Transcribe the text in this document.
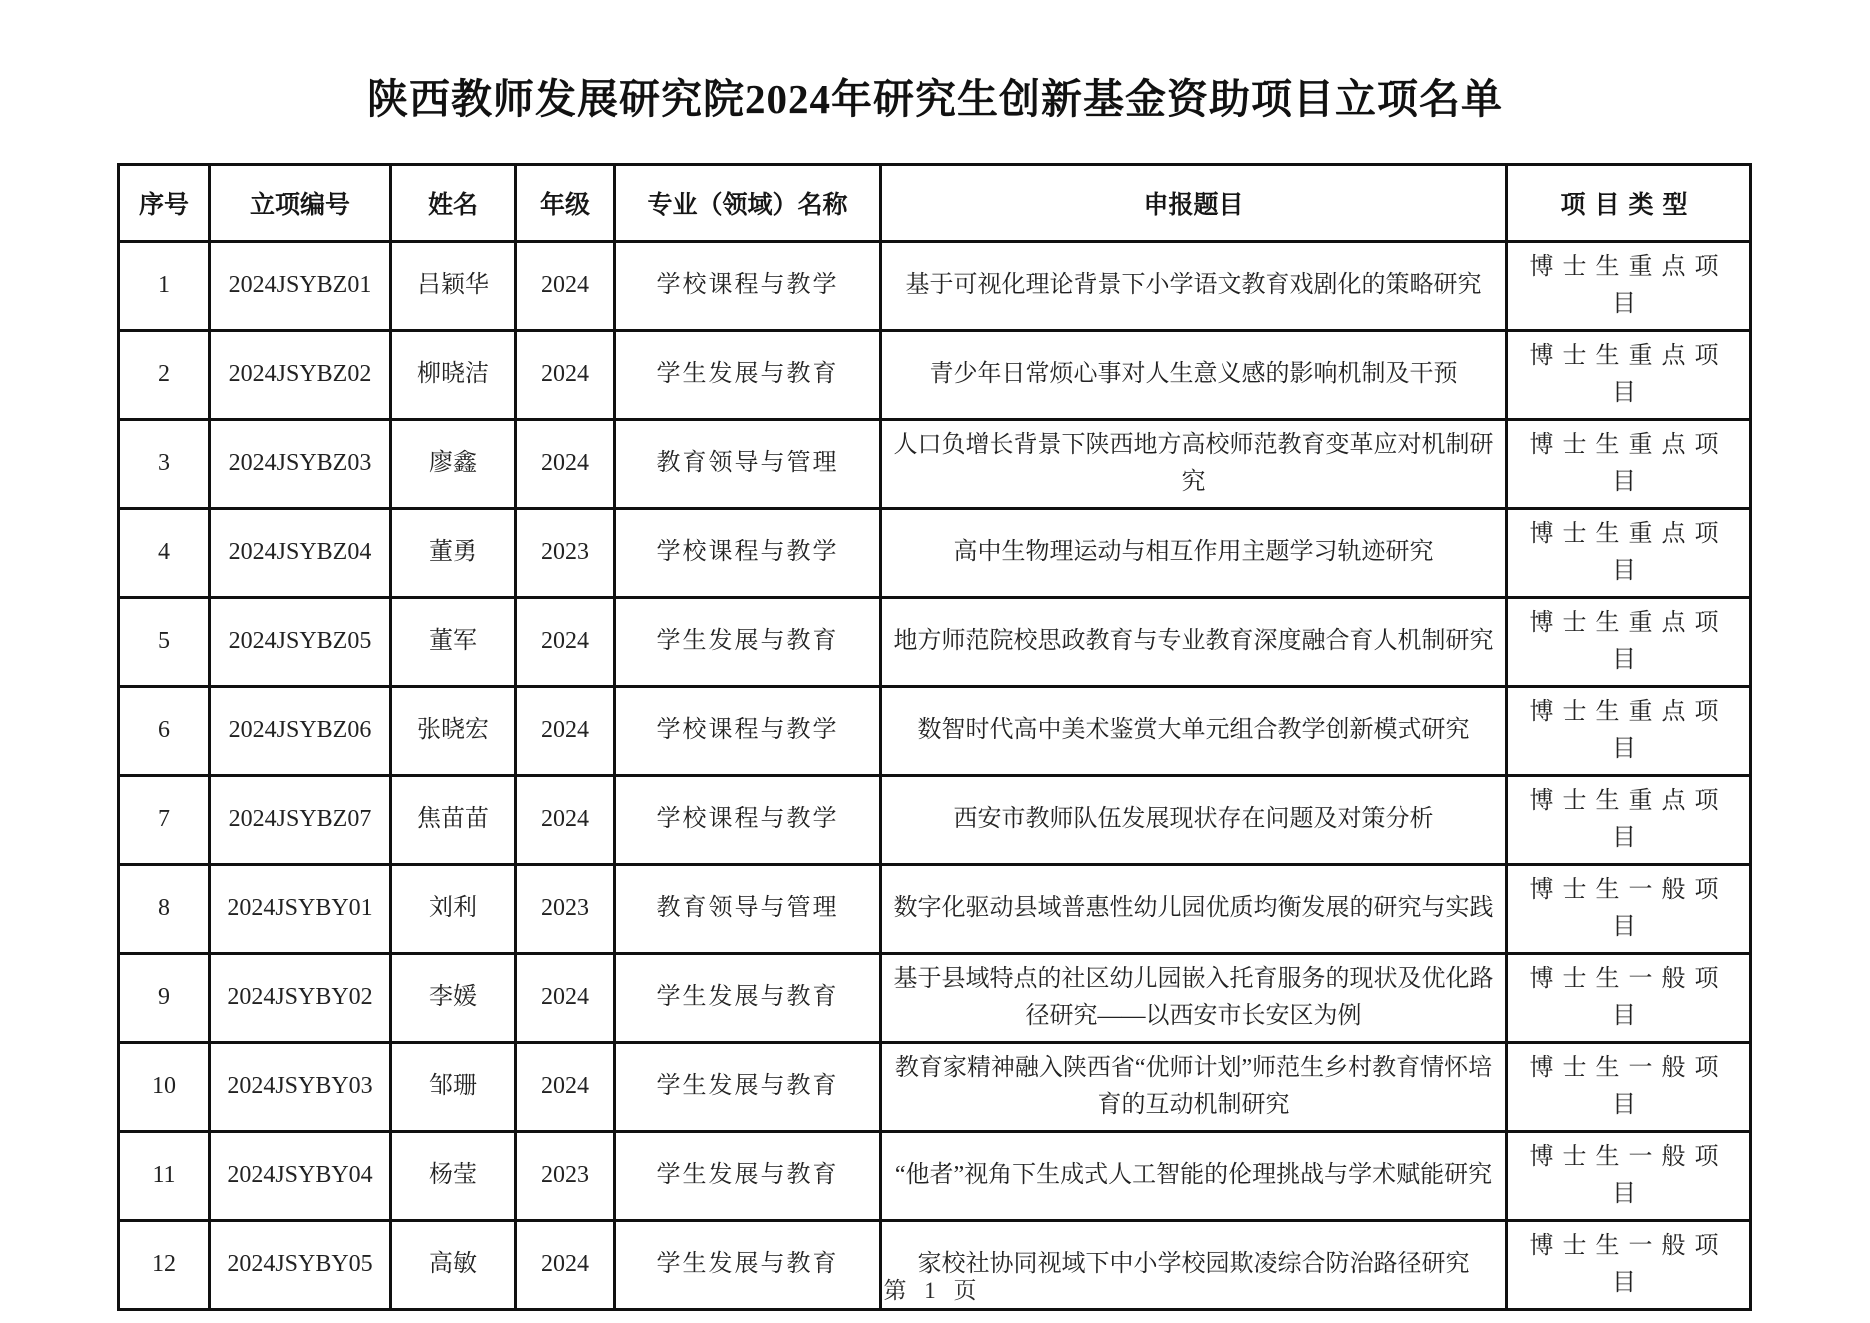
陕西教师发展研究院2024年研究生创新基金资助项目立项名单
序号	立项编号	姓名	年级	专业（领域）名称	申报题目	项目类型
1	2024JSYBZ01	吕颖华	2024	学校课程与教学	基于可视化理论背景下小学语文教育戏剧化的策略研究	博士生重点项目
2	2024JSYBZ02	柳晓洁	2024	学生发展与教育	青少年日常烦心事对人生意义感的影响机制及干预	博士生重点项目
3	2024JSYBZ03	廖鑫	2024	教育领导与管理	人口负增长背景下陕西地方高校师范教育变革应对机制研究	博士生重点项目
4	2024JSYBZ04	董勇	2023	学校课程与教学	高中生物理运动与相互作用主题学习轨迹研究	博士生重点项目
5	2024JSYBZ05	董军	2024	学生发展与教育	地方师范院校思政教育与专业教育深度融合育人机制研究	博士生重点项目
6	2024JSYBZ06	张晓宏	2024	学校课程与教学	数智时代高中美术鉴赏大单元组合教学创新模式研究	博士生重点项目
7	2024JSYBZ07	焦苗苗	2024	学校课程与教学	西安市教师队伍发展现状存在问题及对策分析	博士生重点项目
8	2024JSYBY01	刘利	2023	教育领导与管理	数字化驱动县域普惠性幼儿园优质均衡发展的研究与实践	博士生一般项目
9	2024JSYBY02	李媛	2024	学生发展与教育	基于县域特点的社区幼儿园嵌入托育服务的现状及优化路径研究——以西安市长安区为例	博士生一般项目
10	2024JSYBY03	邹珊	2024	学生发展与教育	教育家精神融入陕西省“优师计划”师范生乡村教育情怀培育的互动机制研究	博士生一般项目
11	2024JSYBY04	杨莹	2023	学生发展与教育	“他者”视角下生成式人工智能的伦理挑战与学术赋能研究	博士生一般项目
12	2024JSYBY05	高敏	2024	学生发展与教育	家校社协同视域下中小学校园欺凌综合防治路径研究	博士生一般项目
第 1 页
